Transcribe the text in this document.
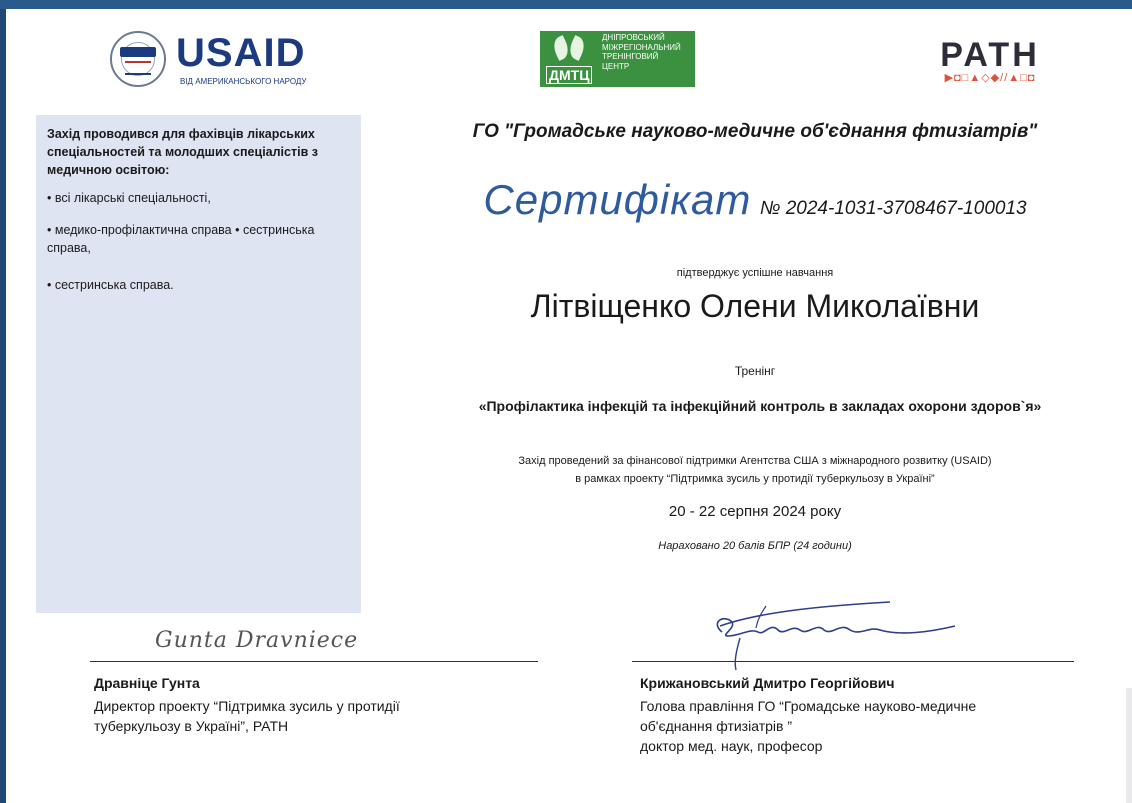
USAID
ВІД АМЕРИКАНСЬКОГО НАРОДУ	ДМТЦ
ДНІПРОВСЬКИЙ
МІЖРЕГІОНАЛЬНИЙ
ТРЕНІНГОВИЙ
ЦЕНТР	PATH
▶◘□▲◇◆//▲□◘
Захід проводився для фахівців лікарських спеціальностей та молодших спеціалістів з медичною освітою:
• всі лікарські спеціальності,
• медико-профілактична справа • сестринська справа,
• сестринська справа.
ГО "Громадське науково-медичне об'єднання фтизіатрів"
Сертифікат № 2024-1031-3708467-100013
підтверджує успішне навчання
Літвіщенко Олени Миколаївни
Тренінг
«Профілактика інфекцій та інфекційний контроль в закладах охорони здоров`я»
Захід проведений за фінансової підтримки Агентства США з міжнародного розвитку (USAID)
в рамках проекту “Підтримка зусиль у протидії туберкульозу в Україні”
20 - 22 серпня 2024 року
Нараховано 20 балів БПР (24 години)
Gunta Dravniece
Дравніце Гунта
Директор проекту “Підтримка зусиль у протидії
туберкульозу в Україні”, PATH
Крижановський Дмитро Георгійович
Голова правління ГО “Громадське науково-медичне
об'єднання фтизіатрів ”
доктор мед. наук, професор
